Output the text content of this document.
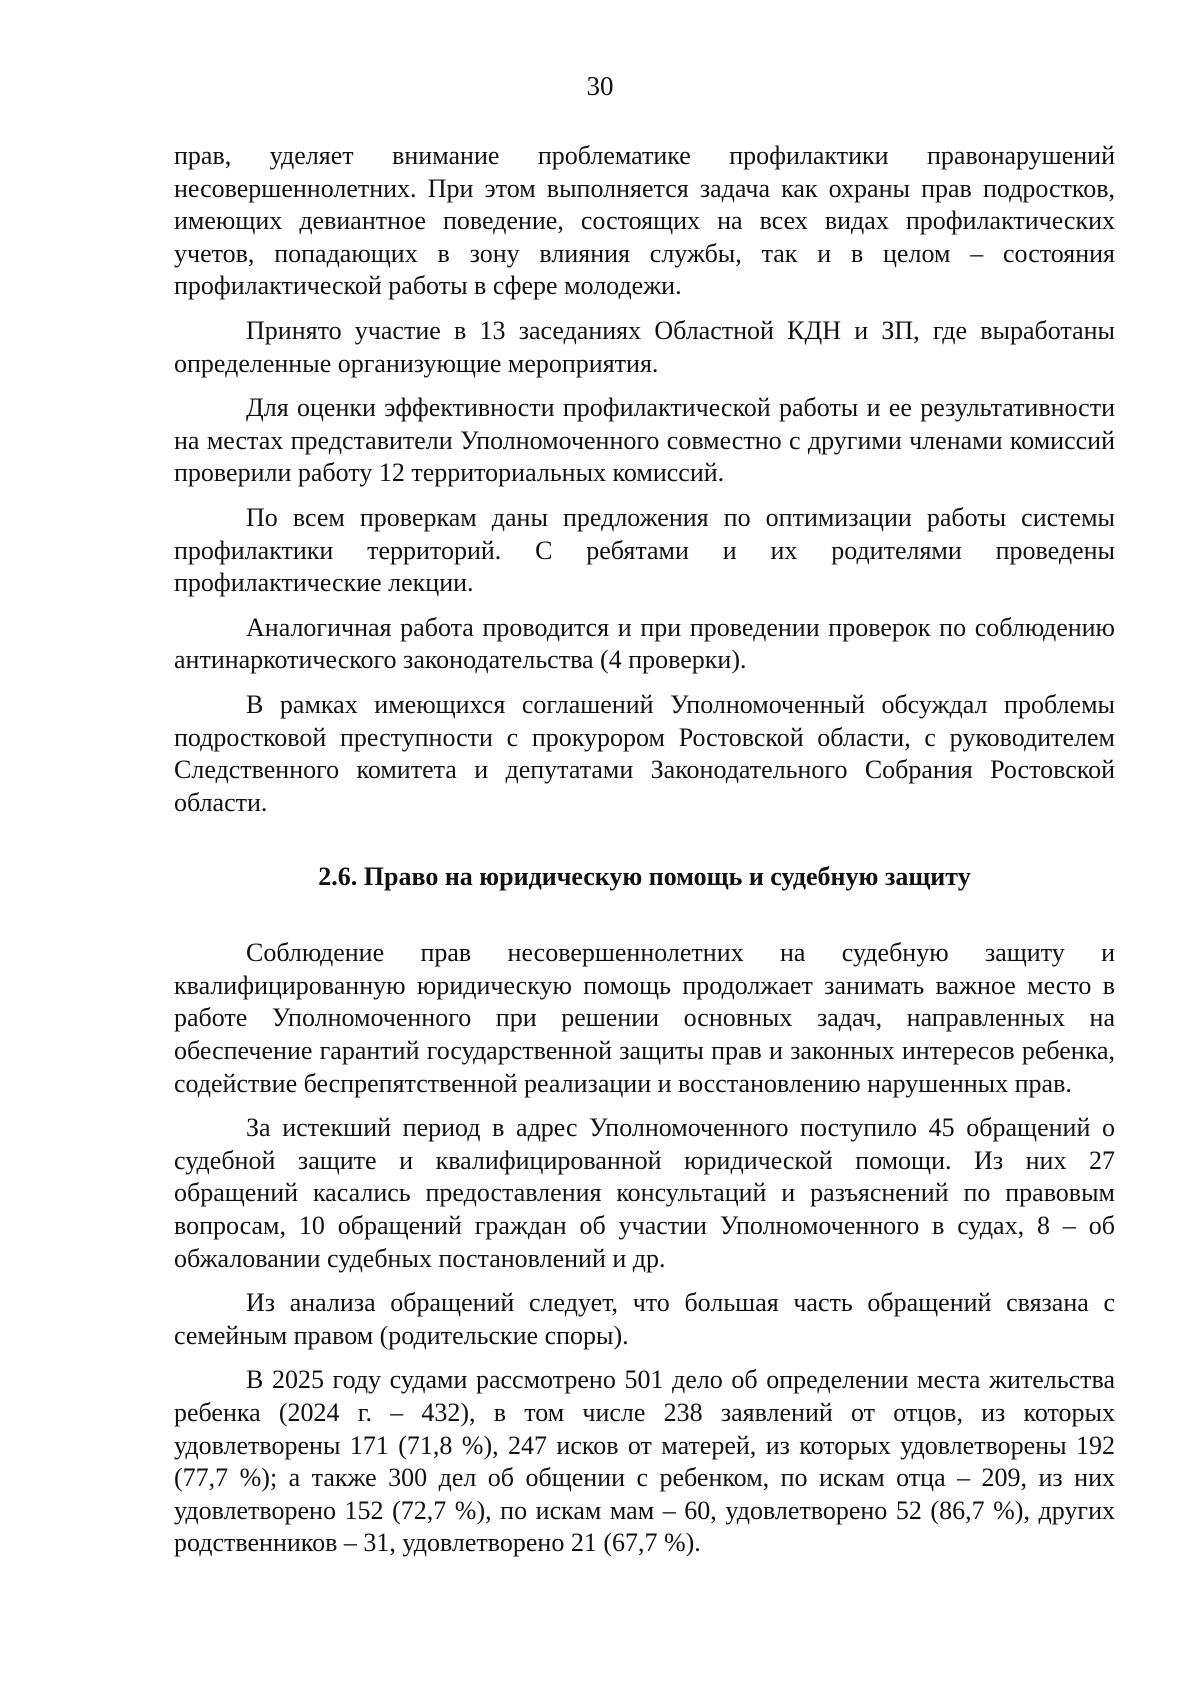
30

прав, уделяет внимание проблематике профилактики правонарушений несовершеннолетних. При этом выполняется задача как охраны прав подростков, имеющих девиантное поведение, состоящих на всех видах профилактических учетов, попадающих в зону влияния службы, так и в целом – состояния профилактической работы в сфере молодежи.

Принято участие в 13 заседаниях Областной КДН и ЗП, где выработаны определенные организующие мероприятия.

Для оценки эффективности профилактической работы и ее результативности на местах представители Уполномоченного совместно с другими членами комиссий проверили работу 12 территориальных комиссий.

По всем проверкам даны предложения по оптимизации работы системы профилактики территорий. С ребятами и их родителями проведены профилактические лекции.

Аналогичная работа проводится и при проведении проверок по соблюдению антинаркотического законодательства (4 проверки).

В рамках имеющихся соглашений Уполномоченный обсуждал проблемы подростковой преступности с прокурором Ростовской области, с руководителем Следственного комитета и депутатами Законодательного Собрания Ростовской области.

2.6. Право на юридическую помощь и судебную защиту

Соблюдение прав несовершеннолетних на судебную защиту и квалифицированную юридическую помощь продолжает занимать важное место в работе Уполномоченного при решении основных задач, направленных на обеспечение гарантий государственной защиты прав и законных интересов ребенка, содействие беспрепятственной реализации и восстановлению нарушенных прав.

За истекший период в адрес Уполномоченного поступило 45 обращений о судебной защите и квалифицированной юридической помощи. Из них 27 обращений касались предоставления консультаций и разъяснений по правовым вопросам, 10 обращений граждан об участии Уполномоченного в судах, 8 – об обжаловании судебных постановлений и др.

Из анализа обращений следует, что большая часть обращений связана с семейным правом (родительские споры).

В 2025 году судами рассмотрено 501 дело об определении места жительства ребенка (2024 г. – 432), в том числе 238 заявлений от отцов, из которых удовлетворены 171 (71,8 %), 247 исков от матерей, из которых удовлетворены 192 (77,7 %); а также 300 дел об общении с ребенком, по искам отца – 209, из них удовлетворено 152 (72,7 %), по искам мам – 60, удовлетворено 52 (86,7 %), других родственников – 31, удовлетворено 21 (67,7 %).
